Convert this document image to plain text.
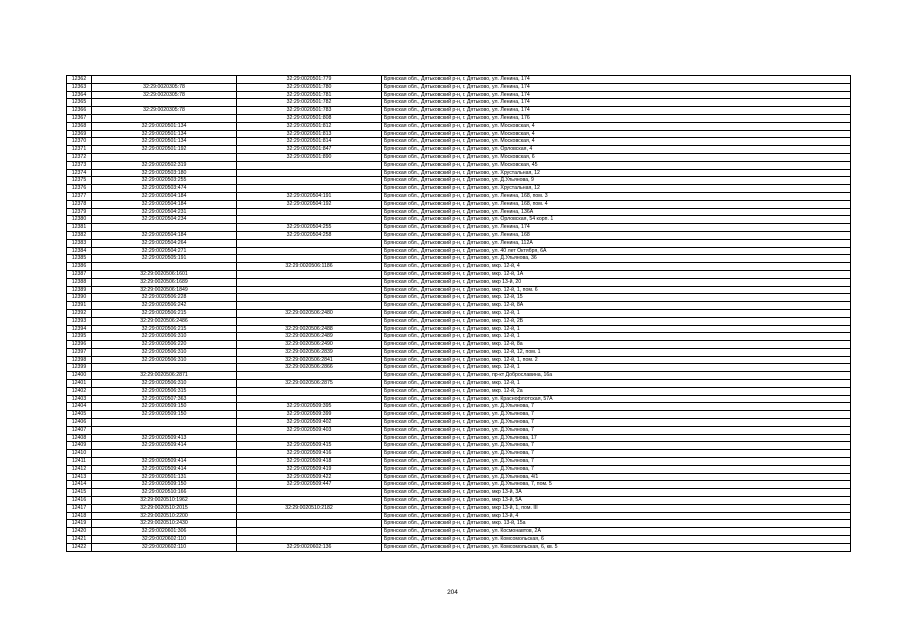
12362		32:29:0020501:779	Брянская обл., Дятьковский р-н, г. Дятьково, ул. Ленина, 174
12363	32:29:0020305:78	32:29:0020501:780	Брянская обл., Дятьковский р-н, г. Дятьково, ул. Ленина, 174
12364	32:29:0020305:78	32:29:0020501:781	Брянская обл., Дятьковский р-н, г. Дятьково, ул. Ленина, 174
12365		32:29:0020501:782	Брянская обл., Дятьковский р-н, г. Дятьково, ул. Ленина, 174
12366	32:29:0020305:78	32:29:0020501:783	Брянская обл., Дятьковский р-н, г. Дятьково, ул. Ленина, 174
12367		32:29:0020501:808	Брянская обл., Дятьковский р-н, г. Дятьково, ул. Ленина, 176
12368	32:29:0020501:134	32:29:0020501:812	Брянская обл., Дятьковский р-н, г. Дятьково, ул. Московская, 4
12369	32:29:0020501:134	32:29:0020501:813	Брянская обл., Дятьковский р-н, г. Дятьково, ул. Московская, 4
12370	32:29:0020501:134	32:29:0020501:814	Брянская обл., Дятьковский р-н, г. Дятьково, ул. Московская, 4
12371	32:29:0020501:192	32:29:0020501:847	Брянская обл., Дятьковский р-н, г. Дятьково, ул. Орловская, 4
12372		32:29:0020501:890	Брянская обл., Дятьковский р-н, г. Дятьково, ул. Московская, 6
12373	32:29:0020502:319		Брянская обл., Дятьковский р-н, г. Дятьково, ул. Московская, 45
12374	32:29:0020503:180		Брянская обл., Дятьковский р-н, г. Дятьково, ул. Хрустальная, 12
12375	32:29:0020503:255		Брянская обл., Дятьковский р-н, г. Дятьково, ул. Д.Ульянова, 9
12376	32:29:0020503:474		Брянская обл., Дятьковский р-н, г. Дятьково, ул. Хрустальная, 12
12377	32:29:0020504:184	32:29:0020504:191	Брянская обл., Дятьковский р-н, г. Дятьково, ул. Ленина, 168, пом. 3
12378	32:29:0020504:184	32:29:0020504:192	Брянская обл., Дятьковский р-н, г. Дятьково, ул. Ленина, 168, пом. 4
12379	32:29:0020504:231		Брянская обл., Дятьковский р-н, г. Дятьково, ул. Ленина, 136А
12380	32:29:0020504:234		Брянская обл., Дятьковский р-н, г. Дятьково, ул. Орловская, 54 корп. 1
12381		32:29:0020504:255	Брянская обл., Дятьковский р-н, г. Дятьково, ул. Ленина, 174
12382	32:29:0020504:184	32:29:0020504:258	Брянская обл., Дятьковский р-н, г. Дятьково, ул. Ленина, 168
12383	32:29:0020504:264		Брянская обл., Дятьковский р-н, г. Дятьково, ул. Ленина, 112А
12384	32:29:0020504:271		Брянская обл., Дятьковский р-н, г. Дятьково, ул. 40 лет Октября, 6А
12385	32:29:0020505:191		Брянская обл., Дятьковский р-н, г. Дятьково, ул. Д.Ульянова, 36
12386		32:29:0020506:1186	Брянская обл., Дятьковский р-н, г. Дятьково, мкр. 12-й, 4
12387	32:29:0020506:1601		Брянская обл., Дятьковский р-н, г. Дятьково, мкр. 12-й, 1А
12388	32:29:0020506:1689		Брянская обл., Дятьковский р-н, г. Дятьково, мкр 13-й, 20
12389	32:29:0020506:1849		Брянская обл., Дятьковский р-н, г. Дятьково, мкр. 12-й, 1, пом. 6
12390	32:29:0020506:228		Брянская обл., Дятьковский р-н, г. Дятьково, мкр. 12-й, 15
12391	32:29:0020506:242		Брянская обл., Дятьковский р-н, г. Дятьково, мкр. 12-й, 8А
12392	32:29:0020506:215	32:29:0020506:2480	Брянская обл., Дятьковский р-н, г. Дятьково, мкр. 12-й, 1
12393	32:29:0020506:2486		Брянская обл., Дятьковский р-н, г. Дятьково, мкр. 12-й, 2Б
12394	32:29:0020506:215	32:29:0020506:2488	Брянская обл., Дятьковский р-н, г. Дятьково, мкр. 12-й, 1
12395	32:29:0020506:310	32:29:0020506:2489	Брянская обл., Дятьковский р-н, г. Дятьково, мкр. 12-й, 1
12396	32:29:0020506:220	32:29:0020506:2490	Брянская обл., Дятьковский р-н, г. Дятьково, мкр. 12-й, 8а
12397	32:29:0020506:310	32:29:0020506:2839	Брянская обл., Дятьковский р-н, г. Дятьково, мкр. 12-й, 12, пом. 1
12398	32:29:0020506:310	32:29:0020506:2841	Брянская обл., Дятьковский р-н, г. Дятьково, мкр. 12-й, 1, пом. 2
12399		32:29:0020506:2866	Брянская обл., Дятьковский р-н, г. Дятьково, мкр. 12-й, 1
12400	32:29:0020506:2871		Брянская обл., Дятьковский р-н, г. Дятьково, пр-кт Доброславина, 16а
12401	32:29:0020506:310	32:29:0020506:2875	Брянская обл., Дятьковский р-н, г. Дятьково, мкр. 12-й, 1
12402	32:29:0020506:315		Брянская обл., Дятьковский р-н, г. Дятьково, мкр. 12-й, 2а
12403	32:29:0020507:363		Брянская обл., Дятьковский р-н, г. Дятьково, ул. Краснофлотская, 57А
12404	32:29:0020509:150	32:29:0020509:395	Брянская обл., Дятьковский р-н, г. Дятьково, ул. Д.Ульянова, 7
12405	32:29:0020509:150	32:29:0020509:399	Брянская обл., Дятьковский р-н, г. Дятьково, ул. Д.Ульянова, 7
12406		32:29:0020509:402	Брянская обл., Дятьковский р-н, г. Дятьково, ул. Д.Ульянова, 7
12407		32:29:0020509:403	Брянская обл., Дятьковский р-н, г. Дятьково, ул. Д.Ульянова, 7
12408	32:29:0020509:413		Брянская обл., Дятьковский р-н, г. Дятьково, ул. Д.Ульянова, 17
12409	32:29:0020509:414	32:29:0020509:415	Брянская обл., Дятьковский р-н, г. Дятьково, ул. Д.Ульянова, 7
12410		32:29:0020509:416	Брянская обл., Дятьковский р-н, г. Дятьково, ул. Д.Ульянова, 7
12411	32:29:0020509:414	32:29:0020509:418	Брянская обл., Дятьковский р-н, г. Дятьково, ул. Д.Ульянова, 7
12412	32:29:0020509:414	32:29:0020509:419	Брянская обл., Дятьковский р-н, г. Дятьково, ул. Д.Ульянова, 7
12413	32:29:0020501:131	32:29:0020509:422	Брянская обл., Дятьковский р-н, г. Дятьково, ул. Д.Ульянова, 4/1
12414	32:29:0020509:150	32:29:0020509:447	Брянская обл., Дятьковский р-н, г. Дятьково, ул. Д.Ульянова, 7, пом. 5
12415	32:29:0020510:166		Брянская обл., Дятьковский р-н, г. Дятьково, мкр 13-й, 3А
12416	32:29:0020510:1962		Брянская обл., Дятьковский р-н, г. Дятьково, мкр 13-й, 5А
12417	32:29:0020510:2015	32:29:0020510:2182	Брянская обл., Дятьковский р-н, г. Дятьково, мкр 13-й, 1, пом. III
12418	32:29:0020510:2200		Брянская обл., Дятьковский р-н, г. Дятьково, мкр 13-й, 4
12419	32:29:0020510:2430		Брянская обл., Дятьковский р-н, г. Дятьково, мкр. 13-й, 15а
12420	32:29:0020601:306		Брянская обл., Дятьковский р-н, г. Дятьково, ул. Космонавтов, 2А
12421	32:29:0020602:110		Брянская обл., Дятьковский р-н, г. Дятьково, ул. Комсомольская, 6
12422	32:29:0020602:110	32:29:0020602:136	Брянская обл., Дятьковский р-н, г. Дятьково, ул. Комсомольская, 6, кв. 5
204
